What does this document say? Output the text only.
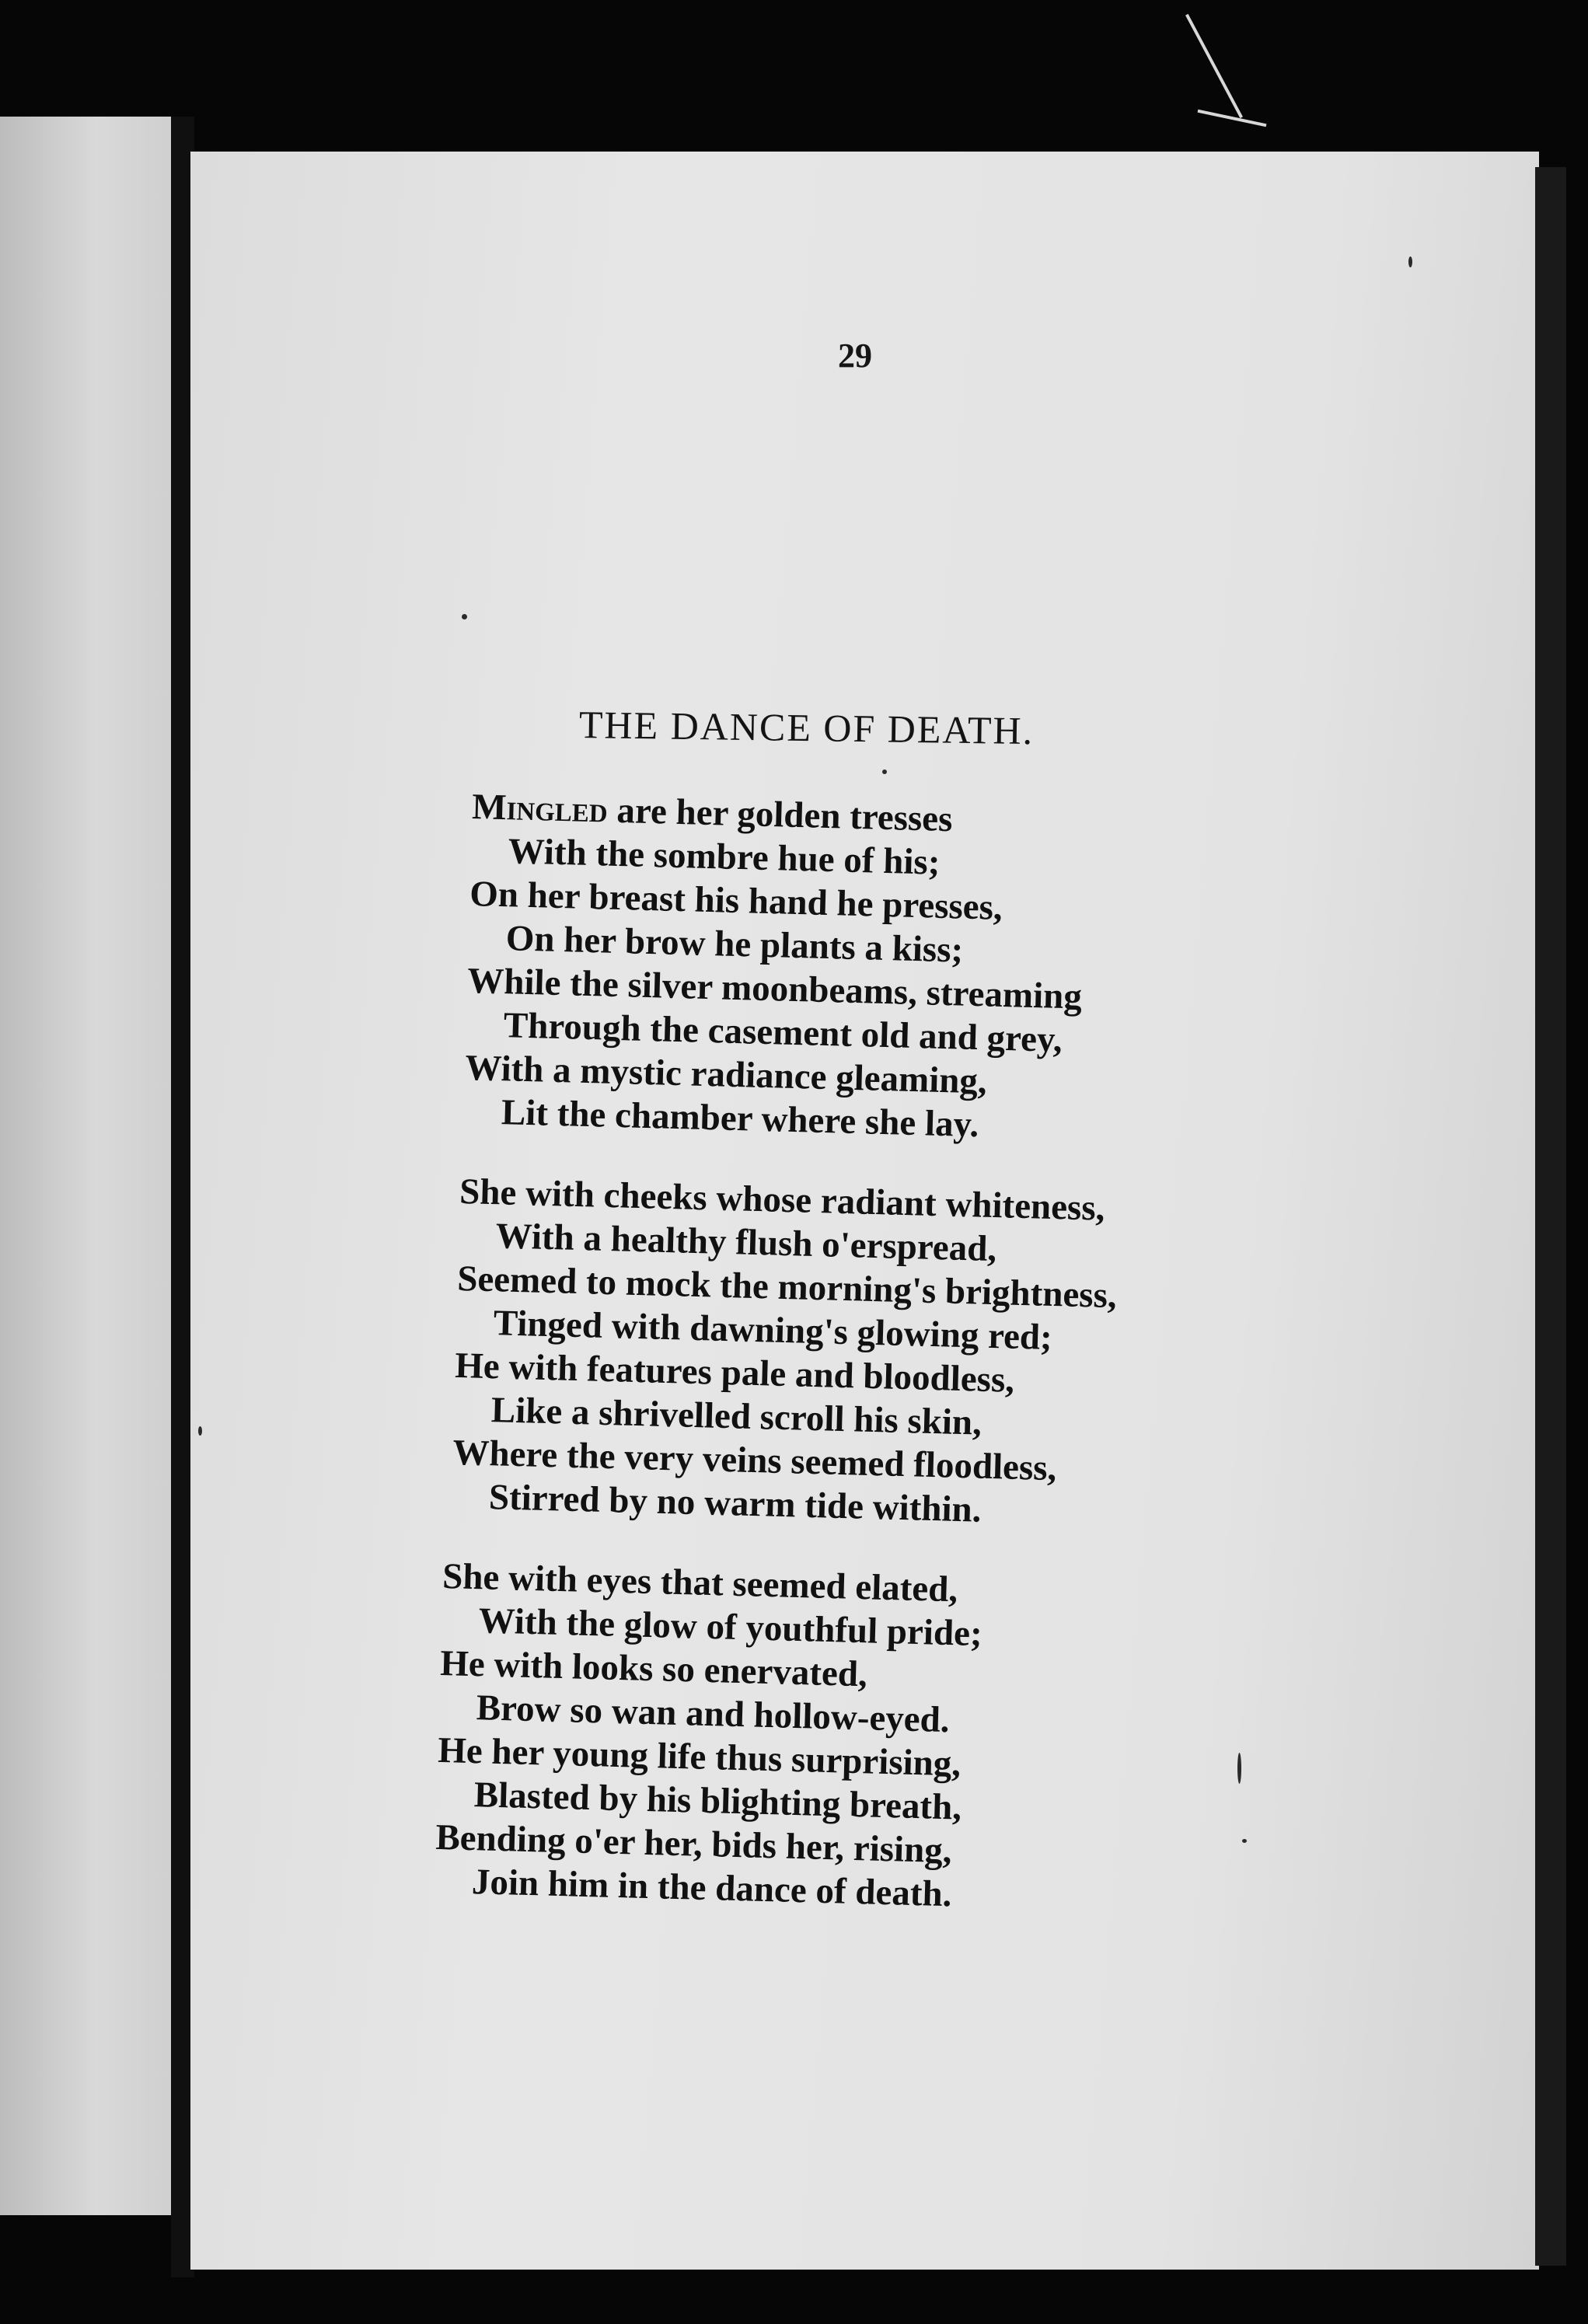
29
THE DANCE OF DEATH.
Mingled are her golden tresses
With the sombre hue of his;
On her breast his hand he presses,
On her brow he plants a kiss;
While the silver moonbeams, streaming
Through the casement old and grey,
With a mystic radiance gleaming,
Lit the chamber where she lay.
She with cheeks whose radiant whiteness,
With a healthy flush o'erspread,
Seemed to mock the morning's brightness,
Tinged with dawning's glowing red;
He with features pale and bloodless,
Like a shrivelled scroll his skin,
Where the very veins seemed floodless,
Stirred by no warm tide within.
She with eyes that seemed elated,
With the glow of youthful pride;
He with looks so enervated,
Brow so wan and hollow-eyed.
He her young life thus surprising,
Blasted by his blighting breath,
Bending o'er her, bids her, rising,
Join him in the dance of death.
